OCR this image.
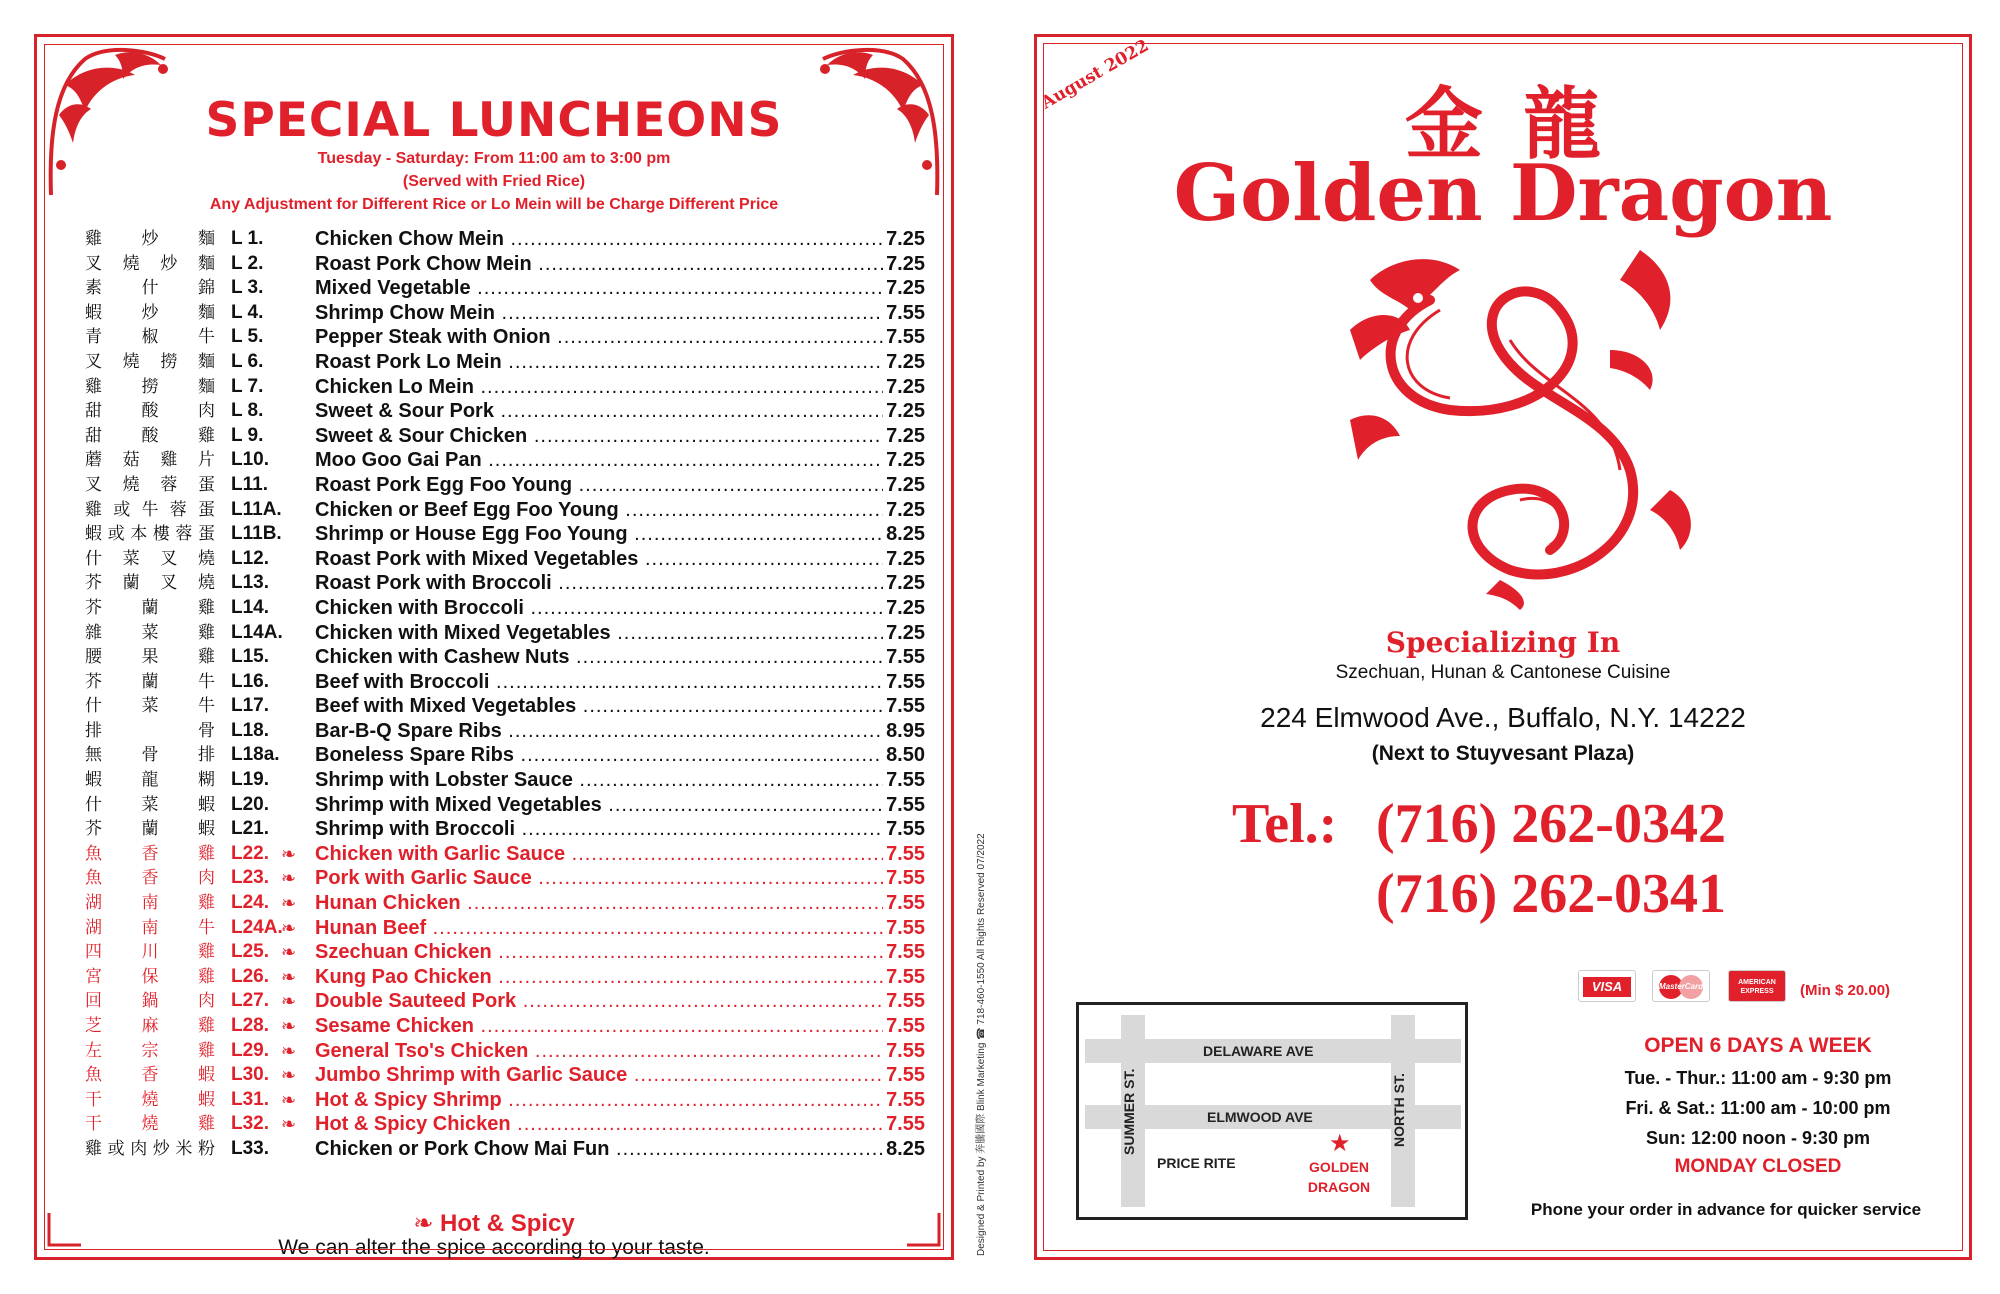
SPECIAL LUNCHEONS
Tuesday - Saturday: From 11:00 am to 3:00 pm
(Served with Fried Rice)
Any Adjustment for Different Rice or Lo Mein will be Charge Different Price
雞炒麵 L 1.	Chicken Chow Mein .....	7.25
叉燒炒麵 L 2.	Roast Pork Chow Mein .....	7.25
素什錦 L 3.	Mixed Vegetable .....	7.25
蝦炒麵 L 4.	Shrimp Chow Mein .....	7.55
青椒牛 L 5.	Pepper Steak with Onion .....	7.55
叉燒撈麵 L 6.	Roast Pork Lo Mein .....	7.25
雞撈麵 L 7.	Chicken Lo Mein .....	7.25
甜酸肉 L 8.	Sweet & Sour Pork .....	7.25
甜酸雞 L 9.	Sweet & Sour Chicken .....	7.25
蘑菇雞片 L10.	Moo Goo Gai Pan .....	7.25
叉燒蓉蛋 L11.	Roast Pork Egg Foo Young .....	7.25
雞或牛蓉蛋 L11A.	Chicken or Beef Egg Foo Young .....	7.25
蝦或本樓蓉蛋 L11B.	Shrimp or House Egg Foo Young .....	8.25
什菜叉燒 L12.	Roast Pork with Mixed Vegetables .....	7.25
芥蘭叉燒 L13.	Roast Pork with Broccoli .....	7.25
芥蘭雞 L14.	Chicken with Broccoli .....	7.25
雜菜雞 L14A.	Chicken with Mixed Vegetables .....	7.25
腰果雞 L15.	Chicken with Cashew Nuts .....	7.55
芥蘭牛 L16.	Beef with Broccoli .....	7.55
什菜牛 L17.	Beef with Mixed Vegetables .....	7.55
排骨 L18.	Bar-B-Q Spare Ribs .....	8.95
無骨排 L18a.	Boneless Spare Ribs .....	8.50
蝦龍糊 L19.	Shrimp with Lobster Sauce .....	7.55
什菜蝦 L20.	Shrimp with Mixed Vegetables .....	7.55
芥蘭蝦 L21.	Shrimp with Broccoli .....	7.55
魚香雞 L22.	Chicken with Garlic Sauce .....	7.55
❧
魚香肉 L23.	Pork with Garlic Sauce .....	7.55
❧
湖南雞 L24.	Hunan Chicken .....	7.55
❧
湖南牛 L24A.	Hunan Beef .....	7.55
❧
四川雞 L25.	Szechuan Chicken .....	7.55
❧
宮保雞 L26.	Kung Pao Chicken .....	7.55
❧
回鍋肉 L27.	Double Sauteed Pork .....	7.55
❧
芝麻雞 L28.	Sesame Chicken .....	7.55
❧
左宗雞 L29.	General Tso's Chicken .....	7.55
❧
魚香蝦 L30.	Jumbo Shrimp with Garlic Sauce .....	7.55
❧
干燒蝦 L31.	Hot & Spicy Shrimp .....	7.55
❧
干燒雞 L32.	Hot & Spicy Chicken .....	7.55
❧
雞或肉炒米粉 L33.	Chicken or Pork Chow Mai Fun .....	8.25
❧ Hot & Spicy
We can alter the spice according to your taste.	Designed & Printed by 奔騰國際 Blink Marketing ☎ 718-460-1550 All Rights Reserved 07/2022
August 2022
金龍
Golden Dragon
Specializing In
Szechuan, Hunan & Cantonese Cuisine
224 Elmwood Ave., Buffalo, N.Y. 14222
(Next to Stuyvesant Plaza)
Tel.: (716) 262-0342
(716) 262-0341
DELAWARE AVE
ELMWOOD AVE
SUMMER ST.	NORTH ST.
PRICE RITE
★
GOLDEN
DRAGON
VISA	MasterCard	AMERICAN EXPRESS	(Min $ 20.00)
OPEN 6 DAYS A WEEK
Tue. - Thur.: 11:00 am - 9:30 pm
Fri. & Sat.: 11:00 am - 10:00 pm
Sun: 12:00 noon - 9:30 pm
MONDAY CLOSED
Phone your order in advance for quicker service
